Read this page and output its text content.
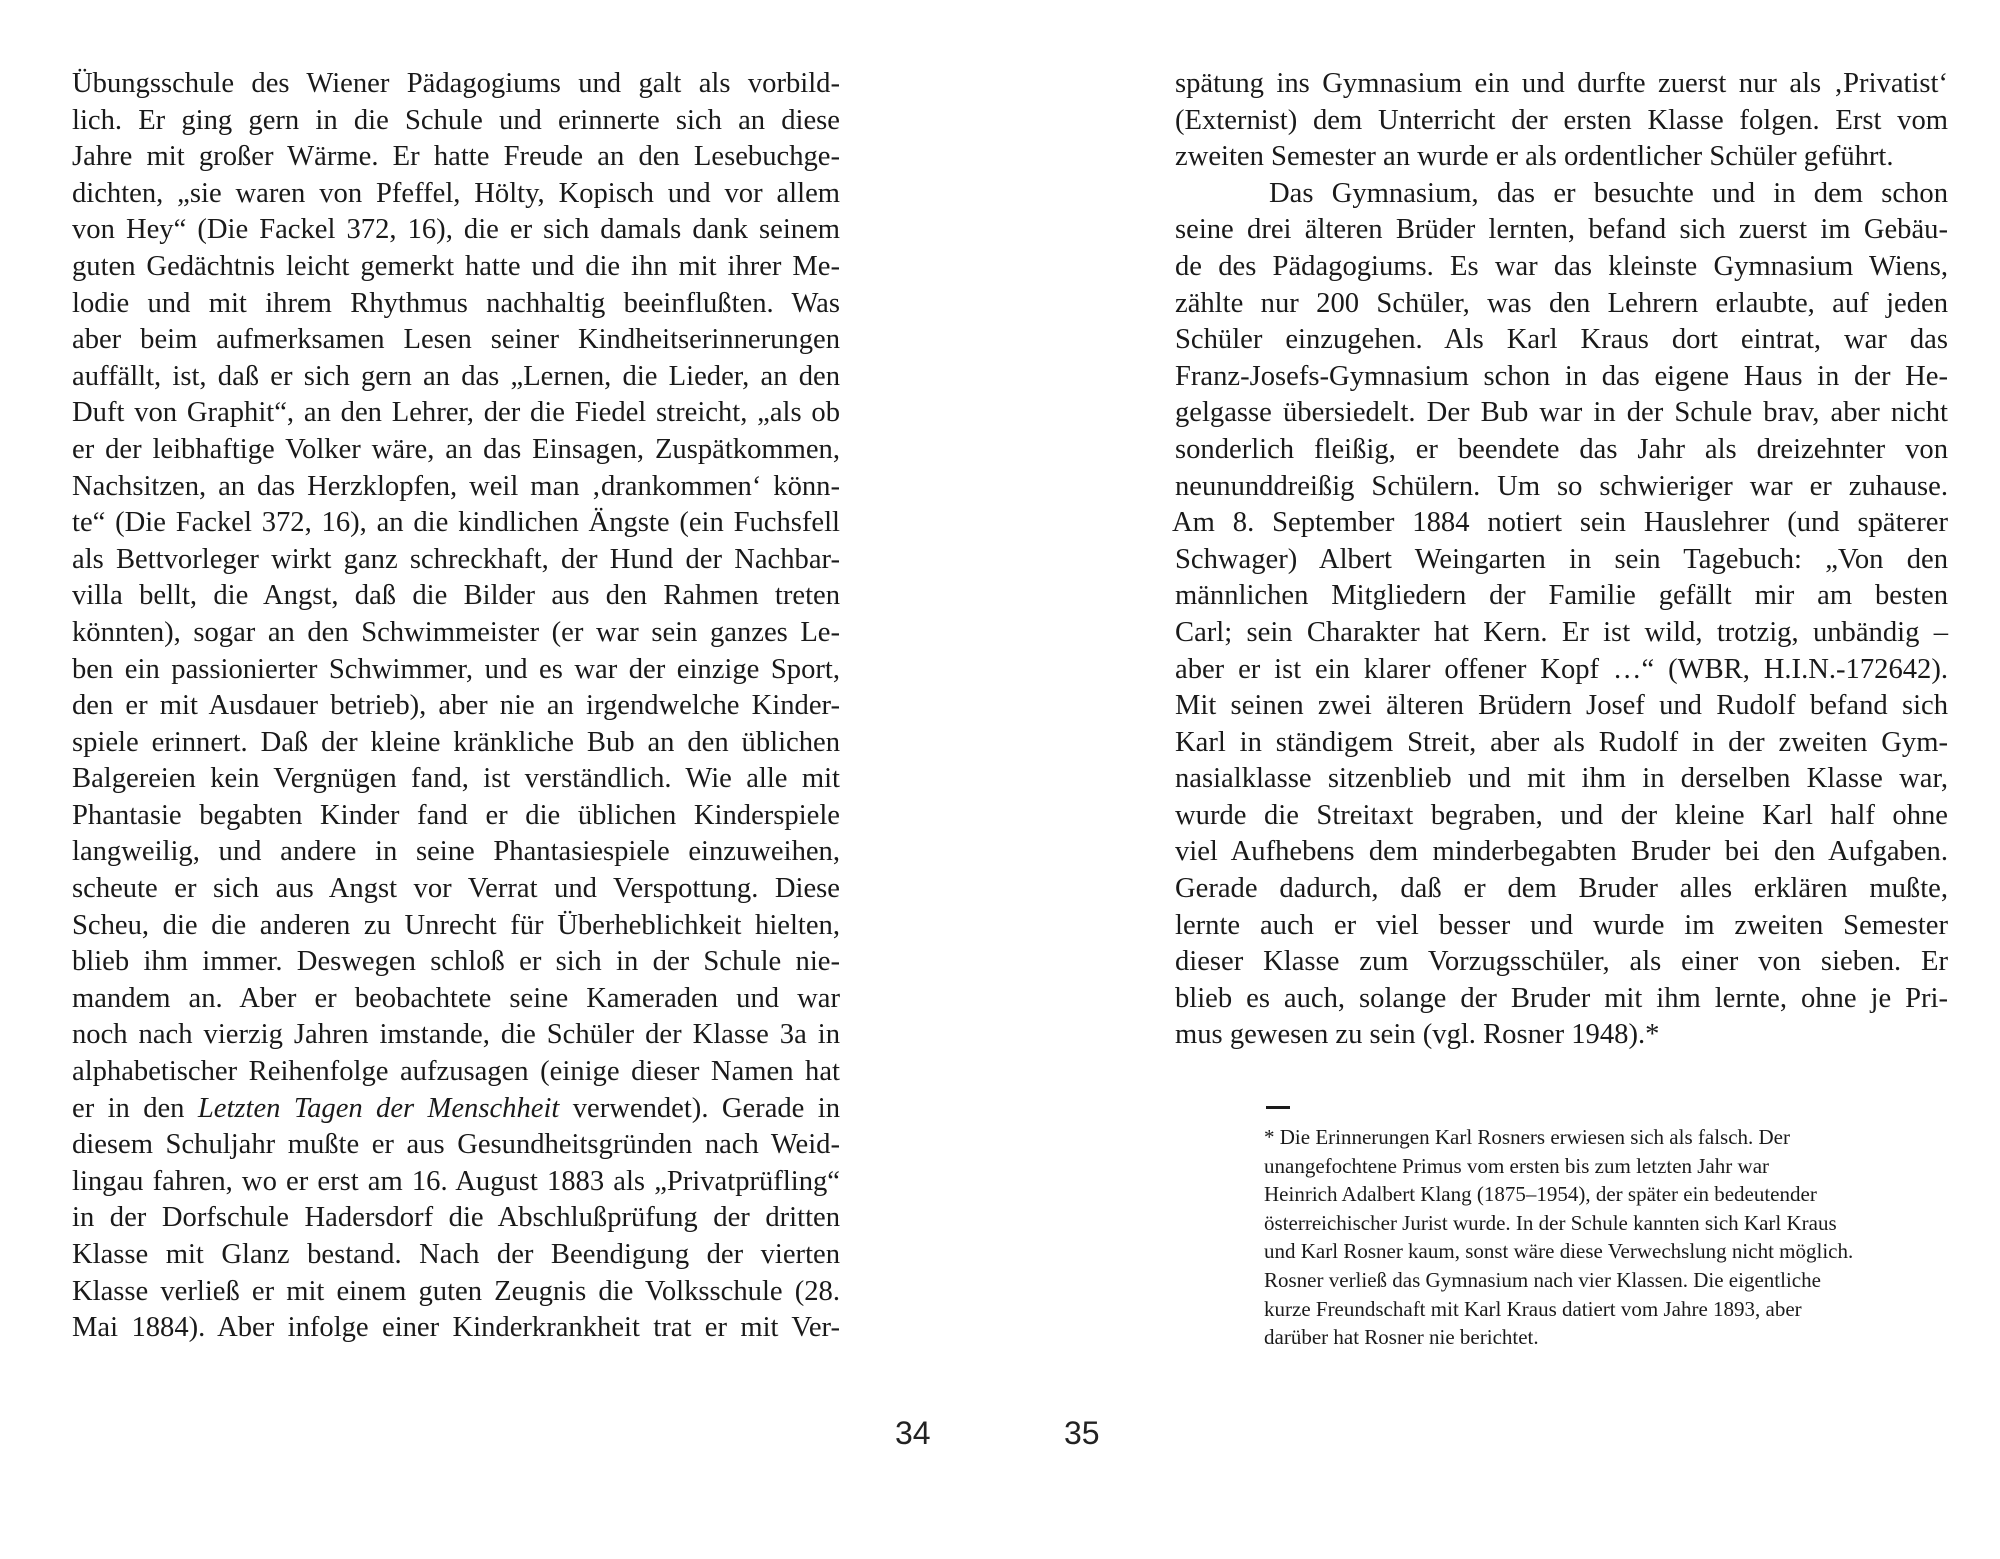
Übungsschule des Wiener Pädagogiums und galt als vorbild-
lich. Er ging gern in die Schule und erinnerte sich an diese
Jahre mit großer Wärme. Er hatte Freude an den Lesebuchge-
dichten, „sie waren von Pfeffel, Hölty, Kopisch und vor allem
von Hey“ (Die Fackel 372, 16), die er sich damals dank seinem
guten Gedächtnis leicht gemerkt hatte und die ihn mit ihrer Me-
lodie und mit ihrem Rhythmus nachhaltig beeinflußten. Was
aber beim aufmerksamen Lesen seiner Kindheitserinnerungen
auffällt, ist, daß er sich gern an das „Lernen, die Lieder, an den
Duft von Graphit“, an den Lehrer, der die Fiedel streicht, „als ob
er der leibhaftige Volker wäre, an das Einsagen, Zuspätkommen,
Nachsitzen, an das Herzklopfen, weil man ‚drankommen‘ könn-
te“ (Die Fackel 372, 16), an die kindlichen Ängste (ein Fuchsfell
als Bettvorleger wirkt ganz schreckhaft, der Hund der Nachbar-
villa bellt, die Angst, daß die Bilder aus den Rahmen treten
könnten), sogar an den Schwimmeister (er war sein ganzes Le-
ben ein passionierter Schwimmer, und es war der einzige Sport,
den er mit Ausdauer betrieb), aber nie an irgendwelche Kinder-
spiele erinnert. Daß der kleine kränkliche Bub an den üblichen
Balgereien kein Vergnügen fand, ist verständlich. Wie alle mit
Phantasie begabten Kinder fand er die üblichen Kinderspiele
langweilig, und andere in seine Phantasiespiele einzuweihen,
scheute er sich aus Angst vor Verrat und Verspottung. Diese
Scheu, die die anderen zu Unrecht für Überheblichkeit hielten,
blieb ihm immer. Deswegen schloß er sich in der Schule nie-
mandem an. Aber er beobachtete seine Kameraden und war
noch nach vierzig Jahren imstande, die Schüler der Klasse 3a in
alphabetischer Reihenfolge aufzusagen (einige dieser Namen hat
er in den Letzten Tagen der Menschheit verwendet). Gerade in
diesem Schuljahr mußte er aus Gesundheitsgründen nach Weid-
lingau fahren, wo er erst am 16. August 1883 als „Privatprüfling“
in der Dorfschule Hadersdorf die Abschlußprüfung der dritten
Klasse mit Glanz bestand. Nach der Beendigung der vierten
Klasse verließ er mit einem guten Zeugnis die Volksschule (28.
Mai 1884). Aber infolge einer Kinderkrankheit trat er mit Ver-
34
spätung ins Gymnasium ein und durfte zuerst nur als ‚Privatist‘
(Externist) dem Unterricht der ersten Klasse folgen. Erst vom
zweiten Semester an wurde er als ordentlicher Schüler geführt.
Das Gymnasium, das er besuchte und in dem schon
seine drei älteren Brüder lernten, befand sich zuerst im Gebäu-
de des Pädagogiums. Es war das kleinste Gymnasium Wiens,
zählte nur 200 Schüler, was den Lehrern erlaubte, auf jeden
Schüler einzugehen. Als Karl Kraus dort eintrat, war das
Franz-Josefs-Gymnasium schon in das eigene Haus in der He-
gelgasse übersiedelt. Der Bub war in der Schule brav, aber nicht
sonderlich fleißig, er beendete das Jahr als dreizehnter von
neununddreißig Schülern. Um so schwieriger war er zuhause.
Am 8. September 1884 notiert sein Hauslehrer (und späterer
Schwager) Albert Weingarten in sein Tagebuch: „Von den
männlichen Mitgliedern der Familie gefällt mir am besten
Carl; sein Charakter hat Kern. Er ist wild, trotzig, unbändig –
aber er ist ein klarer offener Kopf …“ (WBR, H.I.N.-172642).
Mit seinen zwei älteren Brüdern Josef und Rudolf befand sich
Karl in ständigem Streit, aber als Rudolf in der zweiten Gym-
nasialklasse sitzenblieb und mit ihm in derselben Klasse war,
wurde die Streitaxt begraben, und der kleine Karl half ohne
viel Aufhebens dem minderbegabten Bruder bei den Aufgaben.
Gerade dadurch, daß er dem Bruder alles erklären mußte,
lernte auch er viel besser und wurde im zweiten Semester
dieser Klasse zum Vorzugsschüler, als einer von sieben. Er
blieb es auch, solange der Bruder mit ihm lernte, ohne je Pri-
mus gewesen zu sein (vgl. Rosner 1948).*
* Die Erinnerungen Karl Rosners erwiesen sich als falsch. Der
unangefochtene Primus vom ersten bis zum letzten Jahr war
Heinrich Adalbert Klang (1875–1954), der später ein bedeutender
österreichischer Jurist wurde. In der Schule kannten sich Karl Kraus
und Karl Rosner kaum, sonst wäre diese Verwechslung nicht möglich.
Rosner verließ das Gymnasium nach vier Klassen. Die eigentliche
kurze Freundschaft mit Karl Kraus datiert vom Jahre 1893, aber
darüber hat Rosner nie berichtet.
35
